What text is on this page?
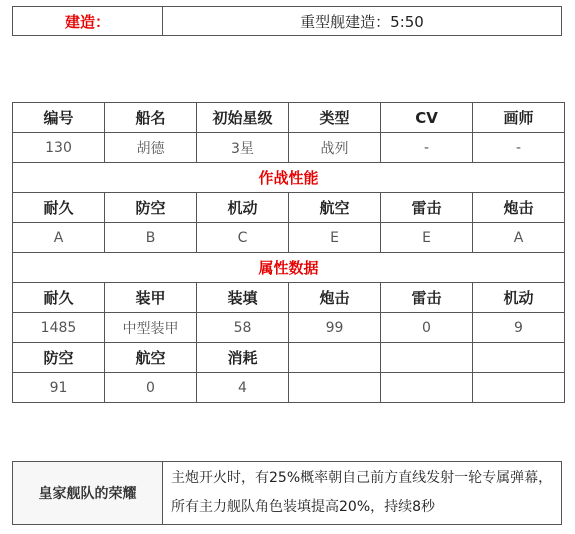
建造：	重型舰建造：5:50
编号	船名	初始星级	类型	CV	画师
130	胡德	3星	战列	-	-
作战性能					
耐久	防空	机动	航空	雷击	炮击
A	B	C	E	E	A
属性数据					
耐久	装甲	装填	炮击	雷击	机动
1485	中型装甲	58	99	0	9
防空	航空	消耗			
91	0	4			
皇家舰队的荣耀	主炮开火时，有25%概率朝自己前方直线发射一轮专属弹幕，所有主力舰队角色装填提高20%，持续8秒
